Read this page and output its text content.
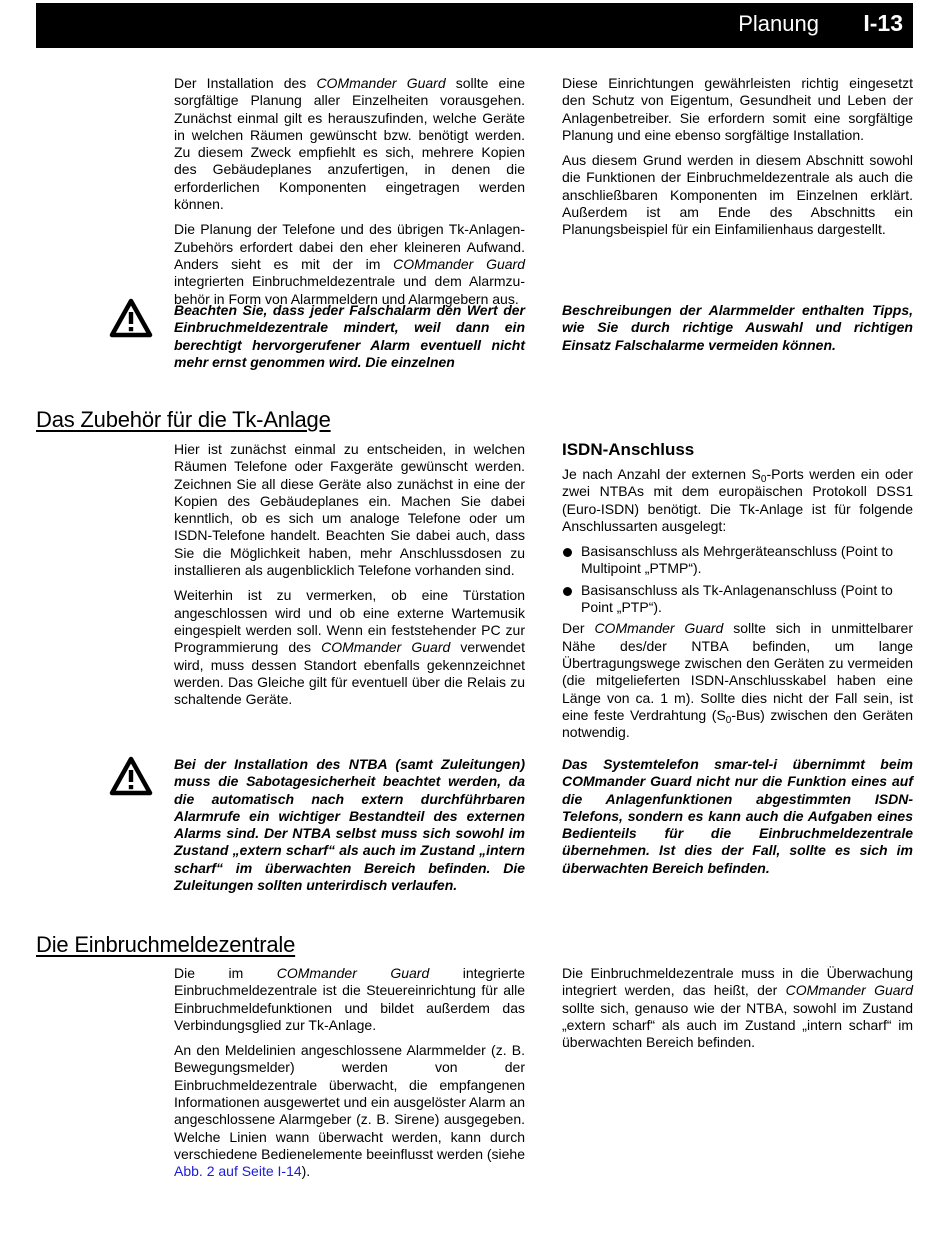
Planung I-13

Der Installation des COMmander Guard sollte eine sorgfältige Planung aller Einzelheiten vorausgehen. Zunächst einmal gilt es herauszufinden, welche Geräte in welchen Räumen gewünscht bzw. benötigt werden. Zu diesem Zweck empfiehlt es sich, mehrere Kopien des Gebäudeplanes anzufertigen, in denen die erforderlichen Komponenten eingetragen werden können.

Die Planung der Telefone und des übrigen Tk-Anlagen-Zubehörs erfordert dabei den eher kleineren Aufwand. Anders sieht es mit der im COMmander Guard integrierten Einbruchmeldezentrale und dem Alarmzubehör in Form von Alarmmeldern und Alarmgebern aus.

Diese Einrichtungen gewährleisten richtig eingesetzt den Schutz von Eigentum, Gesundheit und Leben der Anlagenbetreiber. Sie erfordern somit eine sorgfältige Planung und eine ebenso sorgfältige Installation.

Aus diesem Grund werden in diesem Abschnitt sowohl die Funktionen der Einbruchmeldezentrale als auch die anschließbaren Komponenten im Einzelnen erklärt. Außerdem ist am Ende des Abschnitts ein Planungsbeispiel für ein Einfamilienhaus dargestellt.

Beachten Sie, dass jeder Falschalarm den Wert der Einbruchmeldezentrale mindert, weil dann ein berechtigt hervorgerufener Alarm eventuell nicht mehr ernst genommen wird. Die einzelnen

Beschreibungen der Alarmmelder enthalten Tipps, wie Sie durch richtige Auswahl und richtigen Einsatz Falschalarme vermeiden können.

Das Zubehör für die Tk-Anlage

Hier ist zunächst einmal zu entscheiden, in welchen Räumen Telefone oder Faxgeräte gewünscht werden. Zeichnen Sie all diese Geräte also zunächst in eine der Kopien des Gebäudeplanes ein. Machen Sie dabei kenntlich, ob es sich um analoge Telefone oder um ISDN-Telefone handelt. Beachten Sie dabei auch, dass Sie die Möglichkeit haben, mehr Anschlussdosen zu installieren als augenblicklich Telefone vorhanden sind.

Weiterhin ist zu vermerken, ob eine Türstation angeschlossen wird und ob eine externe Wartemusik eingespielt werden soll. Wenn ein feststehender PC zur Programmierung des COMmander Guard verwendet wird, muss dessen Standort ebenfalls gekennzeichnet werden. Das Gleiche gilt für eventuell über die Relais zu schaltende Geräte.

ISDN-Anschluss

Je nach Anzahl der externen $S_0$-Ports werden ein oder zwei NTBAs mit dem europäischen Protokoll DSS1 (Euro-ISDN) benötigt. Die Tk-Anlage ist für folgende Anschlussarten ausgelegt:

Basisanschluss als Mehrgeräteanschluss (Point to Multipoint „PTMP“).
Basisanschluss als Tk-Anlagenanschluss (Point to Point „PTP“).

Der COMmander Guard sollte sich in unmittelbarer Nähe des/der NTBA befinden, um lange Übertragungswege zwischen den Geräten zu vermeiden (die mitgelieferten ISDN-Anschlusskabel haben eine Länge von ca. 1 m). Sollte dies nicht der Fall sein, ist eine feste Verdrahtung $(S_0-Bus)$ zwischen den Geräten notwendig.

Bei der Installation des NTBA (samt Zuleitungen) muss die Sabotagesicherheit beachtet werden, da die automatisch nach extern durchführbaren Alarmrufe ein wichtiger Bestandteil des externen Alarms sind. Der NTBA selbst muss sich sowohl im Zustand „extern scharf“ als auch im Zustand „intern scharf“ im überwachten Bereich befinden. Die Zuleitungen sollten unterirdisch verlaufen.

Das Systemtelefon smar-tel-i übernimmt beim COMmander Guard nicht nur die Funktion eines auf die Anlagenfunktionen abgestimmten ISDN-Telefons, sondern es kann auch die Aufgaben eines Bedienteils für die Einbruchmeldezentrale übernehmen. Ist dies der Fall, sollte es sich im überwachten Bereich befinden.

Die Einbruchmeldezentrale

Die im COMmander Guard integrierte Einbruchmeldezentrale ist die Steuereinrichtung für alle Einbruchmeldefunktionen und bildet außerdem das Verbindungsglied zur Tk-Anlage.

An den Meldelinien angeschlossene Alarmmelder (z. B. Bewegungsmelder) werden von der Einbruchmeldezentrale überwacht, die empfangenen Informationen ausgewertet und ein ausgelöster Alarm an angeschlossene Alarmgeber (z. B. Sirene) ausgegeben. Welche Linien wann überwacht werden, kann durch verschiedene Bedienelemente beeinflusst werden (siehe Abb. 2 auf Seite I-14).

Die Einbruchmeldezentrale muss in die Überwachung integriert werden, das heißt, der COMmander Guard sollte sich, genauso wie der NTBA, sowohl im Zustand „extern scharf“ als auch im Zustand „intern scharf“ im überwachten Bereich befinden.
